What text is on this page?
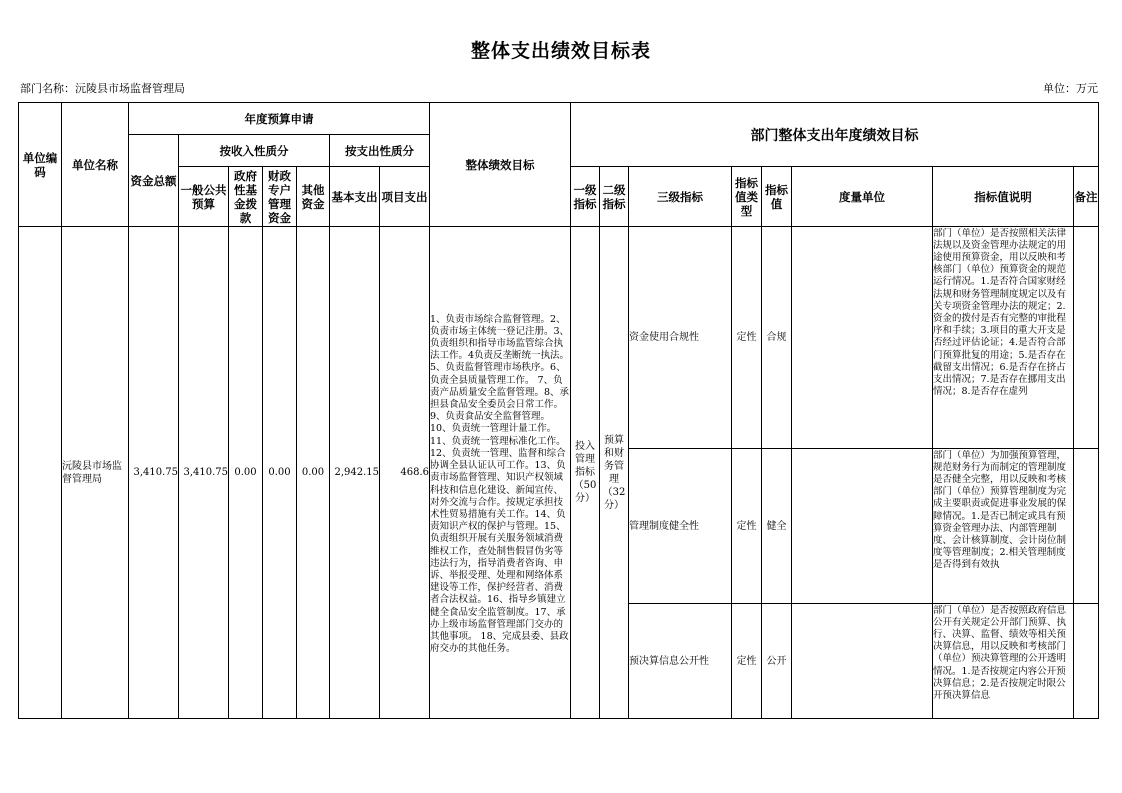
整体支出绩效目标表
部门名称：沅陵县市场监督管理局	单位：万元
单位编码	单位名称	年度预算申请							整体绩效目标	部门整体支出年度绩效目标							
		资金总额	按收入性质分				按支出性质分										
			一般公共预算	政府性基金拨款	财政专户管理资金	其他资金	基本支出	项目支出		一级指标	二级指标	三级指标	指标值类型	指标值	度量单位	指标值说明	备注

	沅陵县市场监督管理局	3,410.75	3,410.75	0.00	0.00	0.00	2,942.15	468.6	1、负责市场综合监督管理。2、负责市场主体统一登记注册。3、负责组织和指导市场监管综合执法工作。4负责反垄断统一执法。5、负责监督管理市场秩序。6、负责全县质量管理工作。 7、负责产品质量安全监督管理。8、承担县食品安全委员会日常工作。9、负责食品安全监督管理。10、负责统一管理计量工作。11、负责统一管理标准化工作。12、负责统一管理、监督和综合协调全县认证认可工作。13、负责市场监督管理、知识产权领域科技和信息化建设、新闻宣传、对外交流与合作。按规定承担技术性贸易措施有关工作。14、负责知识产权的保护与管理。15、负责组织开展有关服务领域消费维权工作，查处制售假冒伪劣等违法行为，指导消费者咨询、申诉、举报受理、处理和网络体系建设等工作，保护经营者、消费者合法权益。16、指导乡镇建立健全食品安全监管制度。17、承办上级市场监督管理部门交办的其他事项。 18、完成县委、县政府交办的其他任务。	投入管理指标（50分）	预算和财务管理（32分）	资金使用合规性	定性	合规		部门（单位）是否按照相关法律法规以及资金管理办法规定的用途使用预算资金，用以反映和考核部门（单位）预算资金的规范运行情况。1.是否符合国家财经法规和财务管理制度规定以及有关专项资金管理办法的规定；2.资金的拨付是否有完整的审批程序和手续；3.项目的重大开支是否经过评估论证；4.是否符合部门预算批复的用途；5.是否存在截留支出情况；6.是否存在挤占支出情况；7.是否存在挪用支出情况；8.是否存在虚列	

												管理制度健全性	定性	健全		部门（单位）为加强预算管理，规范财务行为而制定的管理制度是否健全完整，用以反映和考核部门（单位）预算管理制度为完成主要职责或促进事业发展的保障情况。1.是否已制定或具有预算资金管理办法、内部管理制度、会计核算制度、会计岗位制度等管理制度；2.相关管理制度是否得到有效执	

												预决算信息公开性	定性	公开		部门（单位）是否按照政府信息公开有关规定公开部门预算、执行、决算、监督、绩效等相关预决算信息，用以反映和考核部门（单位）预决算管理的公开透明情况。1.是否按规定内容公开预决算信息；2.是否按规定时限公开预决算信息	
